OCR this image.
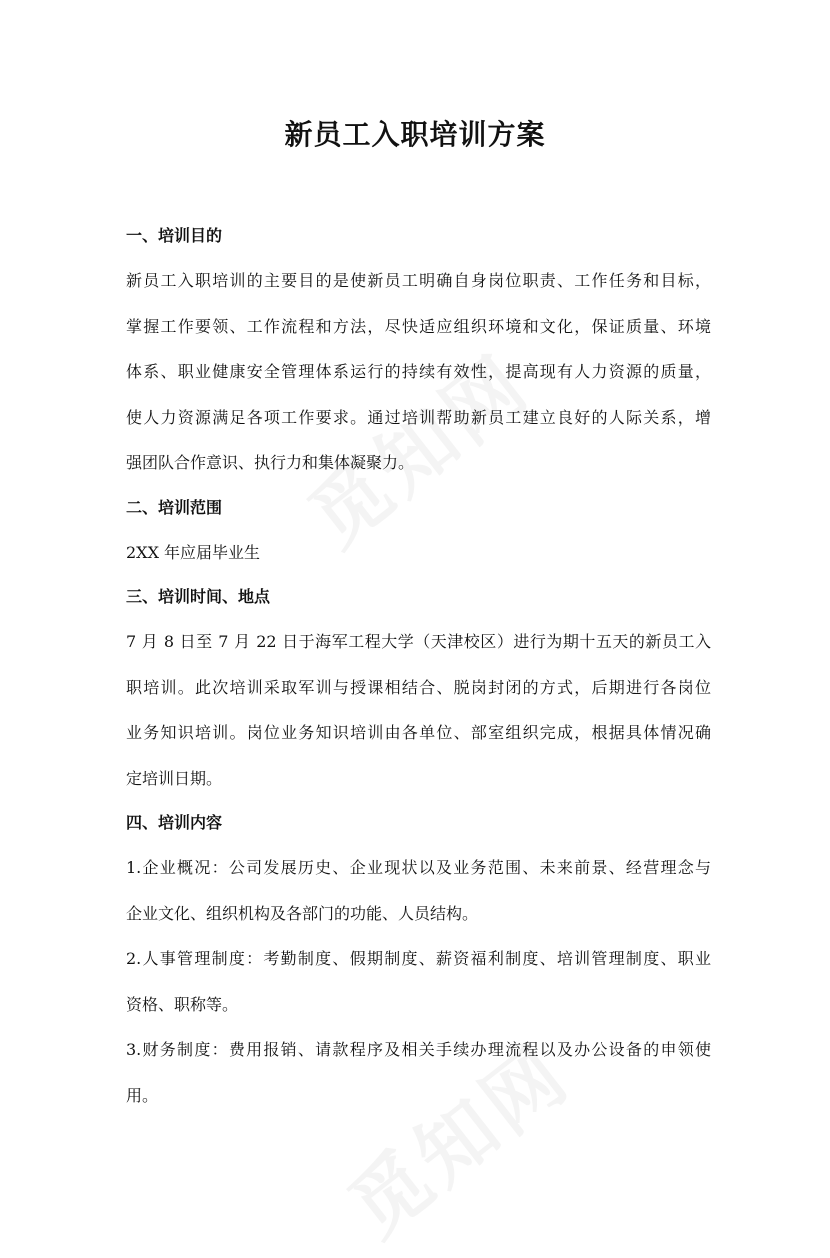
新员工入职培训方案
一、培训目的
新员工入职培训的主要目的是使新员工明确自身岗位职责、工作任务和目标，
掌握工作要领、工作流程和方法，尽快适应组织环境和文化，保证质量、环境
体系、职业健康安全管理体系运行的持续有效性，提高现有人力资源的质量，
使人力资源满足各项工作要求。通过培训帮助新员工建立良好的人际关系，增
强团队合作意识、执行力和集体凝聚力。
二、培训范围
2XX 年应届毕业生
三、培训时间、地点
7 月 8 日至 7 月 22 日于海军工程大学（天津校区）进行为期十五天的新员工入
职培训。此次培训采取军训与授课相结合、脱岗封闭的方式，后期进行各岗位
业务知识培训。岗位业务知识培训由各单位、部室组织完成，根据具体情况确
定培训日期。
四、培训内容
1.企业概况：公司发展历史、企业现状以及业务范围、未来前景、经营理念与
企业文化、组织机构及各部门的功能、人员结构。
2.人事管理制度：考勤制度、假期制度、薪资福利制度、培训管理制度、职业
资格、职称等。
3.财务制度：费用报销、请款程序及相关手续办理流程以及办公设备的申领使
用。
